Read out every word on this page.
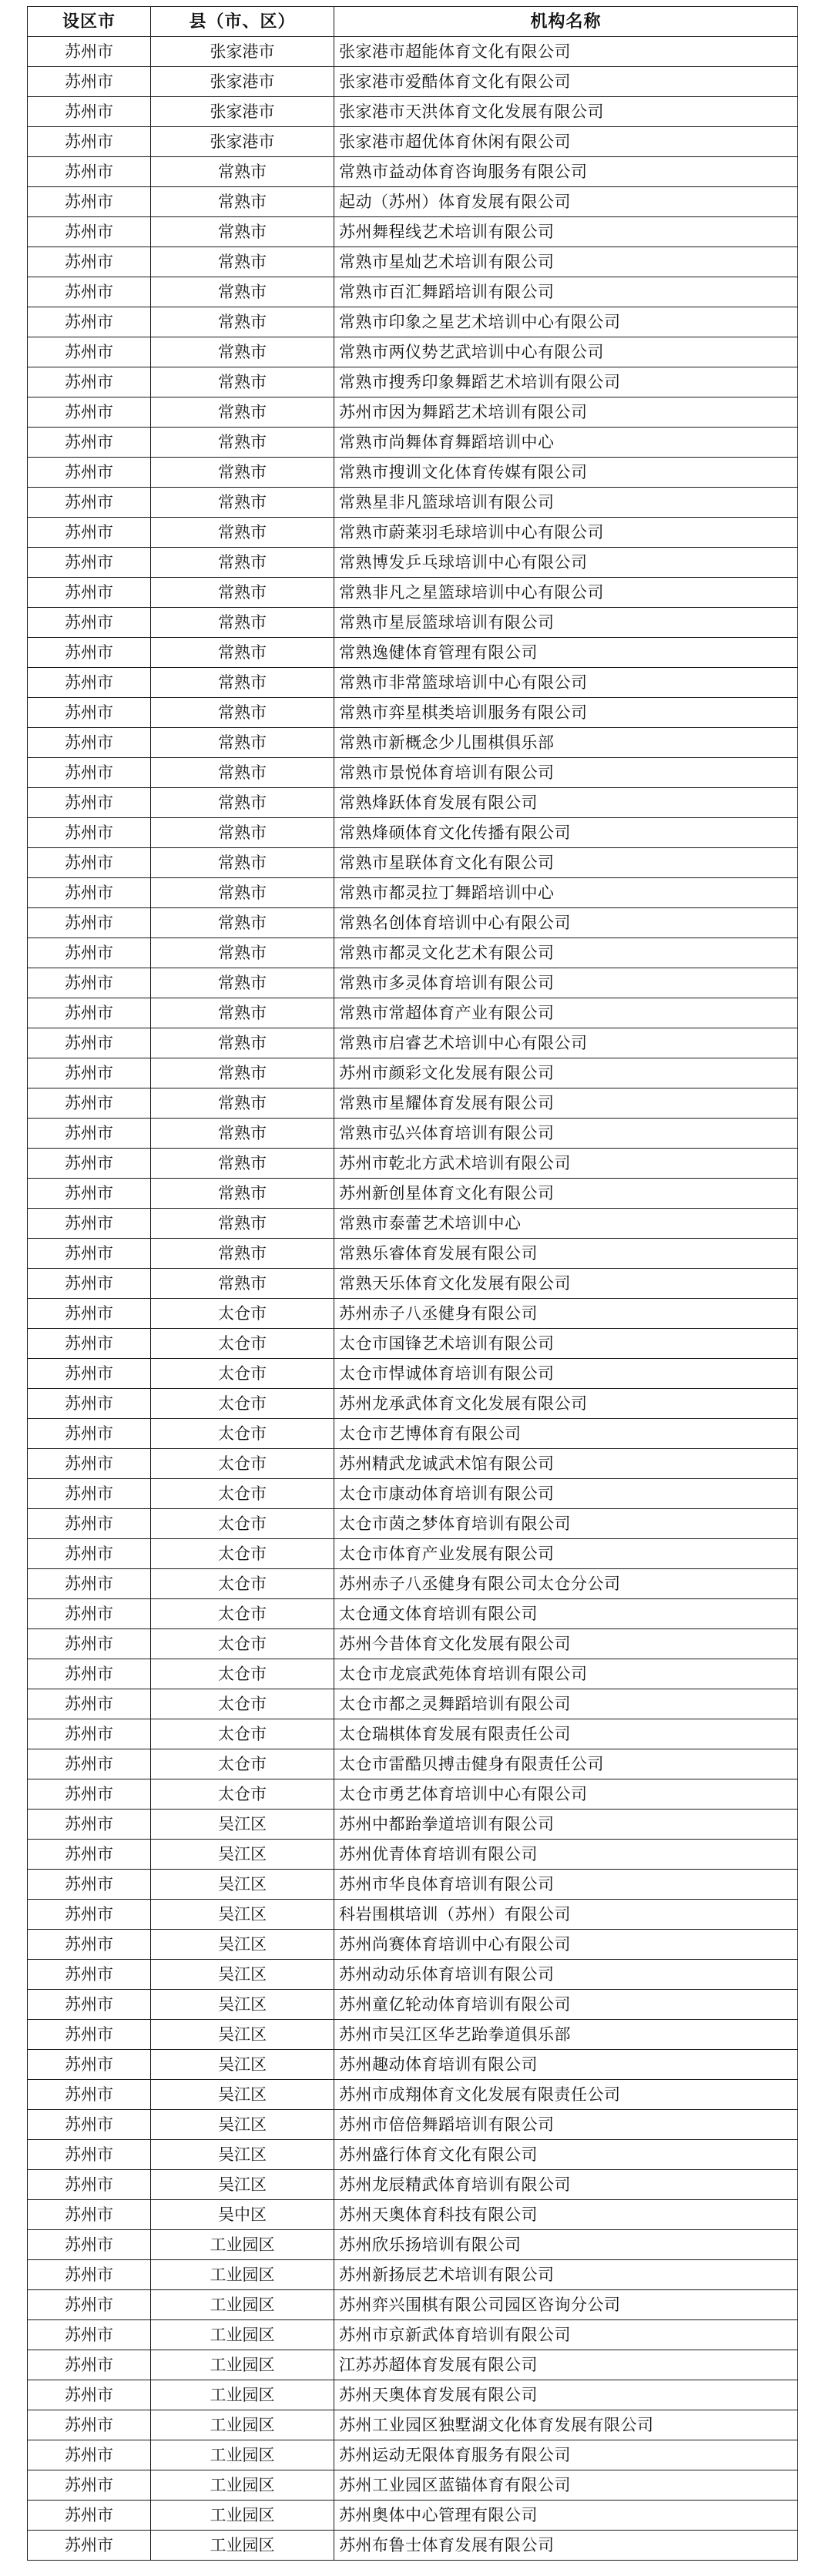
设区市	县（市、区）	机构名称
苏州市	张家港市	张家港市超能体育文化有限公司
苏州市	张家港市	张家港市爱酷体育文化有限公司
苏州市	张家港市	张家港市天洪体育文化发展有限公司
苏州市	张家港市	张家港市超优体育休闲有限公司
苏州市	常熟市	常熟市益动体育咨询服务有限公司
苏州市	常熟市	起动（苏州）体育发展有限公司
苏州市	常熟市	苏州舞程线艺术培训有限公司
苏州市	常熟市	常熟市星灿艺术培训有限公司
苏州市	常熟市	常熟市百汇舞蹈培训有限公司
苏州市	常熟市	常熟市印象之星艺术培训中心有限公司
苏州市	常熟市	常熟市两仪势艺武培训中心有限公司
苏州市	常熟市	常熟市搜秀印象舞蹈艺术培训有限公司
苏州市	常熟市	苏州市因为舞蹈艺术培训有限公司
苏州市	常熟市	常熟市尚舞体育舞蹈培训中心
苏州市	常熟市	常熟市搜训文化体育传媒有限公司
苏州市	常熟市	常熟星非凡篮球培训有限公司
苏州市	常熟市	常熟市蔚莱羽毛球培训中心有限公司
苏州市	常熟市	常熟博发乒乓球培训中心有限公司
苏州市	常熟市	常熟非凡之星篮球培训中心有限公司
苏州市	常熟市	常熟市星辰篮球培训有限公司
苏州市	常熟市	常熟逸健体育管理有限公司
苏州市	常熟市	常熟市非常篮球培训中心有限公司
苏州市	常熟市	常熟市弈星棋类培训服务有限公司
苏州市	常熟市	常熟市新概念少儿围棋俱乐部
苏州市	常熟市	常熟市景悦体育培训有限公司
苏州市	常熟市	常熟烽跃体育发展有限公司
苏州市	常熟市	常熟烽硕体育文化传播有限公司
苏州市	常熟市	常熟市星联体育文化有限公司
苏州市	常熟市	常熟市都灵拉丁舞蹈培训中心
苏州市	常熟市	常熟名创体育培训中心有限公司
苏州市	常熟市	常熟市都灵文化艺术有限公司
苏州市	常熟市	常熟市多灵体育培训有限公司
苏州市	常熟市	常熟市常超体育产业有限公司
苏州市	常熟市	常熟市启睿艺术培训中心有限公司
苏州市	常熟市	苏州市颜彩文化发展有限公司
苏州市	常熟市	常熟市星耀体育发展有限公司
苏州市	常熟市	常熟市弘兴体育培训有限公司
苏州市	常熟市	苏州市乾北方武术培训有限公司
苏州市	常熟市	苏州新创星体育文化有限公司
苏州市	常熟市	常熟市泰蕾艺术培训中心
苏州市	常熟市	常熟乐睿体育发展有限公司
苏州市	常熟市	常熟天乐体育文化发展有限公司
苏州市	太仓市	苏州赤子八丞健身有限公司
苏州市	太仓市	太仓市国锋艺术培训有限公司
苏州市	太仓市	太仓市悍诚体育培训有限公司
苏州市	太仓市	苏州龙承武体育文化发展有限公司
苏州市	太仓市	太仓市艺博体育有限公司
苏州市	太仓市	苏州精武龙诚武术馆有限公司
苏州市	太仓市	太仓市康动体育培训有限公司
苏州市	太仓市	太仓市茵之梦体育培训有限公司
苏州市	太仓市	太仓市体育产业发展有限公司
苏州市	太仓市	苏州赤子八丞健身有限公司太仓分公司
苏州市	太仓市	太仓通文体育培训有限公司
苏州市	太仓市	苏州今昔体育文化发展有限公司
苏州市	太仓市	太仓市龙宸武苑体育培训有限公司
苏州市	太仓市	太仓市都之灵舞蹈培训有限公司
苏州市	太仓市	太仓瑞棋体育发展有限责任公司
苏州市	太仓市	太仓市雷酷贝搏击健身有限责任公司
苏州市	太仓市	太仓市勇艺体育培训中心有限公司
苏州市	吴江区	苏州中都跆拳道培训有限公司
苏州市	吴江区	苏州优青体育培训有限公司
苏州市	吴江区	苏州市华良体育培训有限公司
苏州市	吴江区	科岩围棋培训（苏州）有限公司
苏州市	吴江区	苏州尚赛体育培训中心有限公司
苏州市	吴江区	苏州动动乐体育培训有限公司
苏州市	吴江区	苏州童亿轮动体育培训有限公司
苏州市	吴江区	苏州市吴江区华艺跆拳道俱乐部
苏州市	吴江区	苏州趣动体育培训有限公司
苏州市	吴江区	苏州市成翔体育文化发展有限责任公司
苏州市	吴江区	苏州市倍倍舞蹈培训有限公司
苏州市	吴江区	苏州盛行体育文化有限公司
苏州市	吴江区	苏州龙辰精武体育培训有限公司
苏州市	吴中区	苏州天奥体育科技有限公司
苏州市	工业园区	苏州欣乐扬培训有限公司
苏州市	工业园区	苏州新扬辰艺术培训有限公司
苏州市	工业园区	苏州弈兴围棋有限公司园区咨询分公司
苏州市	工业园区	苏州市京新武体育培训有限公司
苏州市	工业园区	江苏苏超体育发展有限公司
苏州市	工业园区	苏州天奥体育发展有限公司
苏州市	工业园区	苏州工业园区独墅湖文化体育发展有限公司
苏州市	工业园区	苏州运动无限体育服务有限公司
苏州市	工业园区	苏州工业园区蓝锚体育有限公司
苏州市	工业园区	苏州奥体中心管理有限公司
苏州市	工业园区	苏州布鲁士体育发展有限公司
